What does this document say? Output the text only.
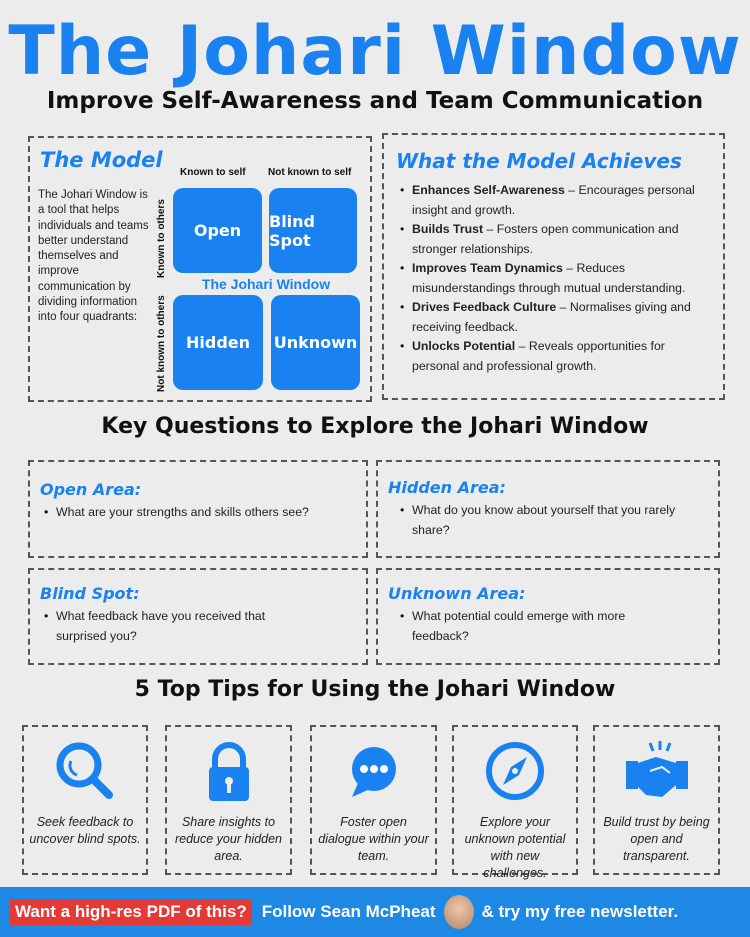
The Johari Window
Improve Self-Awareness and Team Communication
The Model
The Johari Window is a tool that helps individuals and teams better understand themselves and improve communication by dividing information into four quadrants:
Known to self Not known to self
Known to others
Not known to others
Open	Blind Spot
The Johari Window
Hidden	Unknown
What the Model Achieves
• Enhances Self-Awareness – Encourages personal insight and growth.
• Builds Trust – Fosters open communication and stronger relationships.
• Improves Team Dynamics – Reduces misunderstandings through mutual understanding.
• Drives Feedback Culture – Normalises giving and receiving feedback.
• Unlocks Potential – Reveals opportunities for personal and professional growth.
Key Questions to Explore the Johari Window
Open Area:
• What are your strengths and skills others see?
Hidden Area:
• What do you know about yourself that you rarely share?
Blind Spot:
• What feedback have you received that surprised you?
Unknown Area:
• What potential could emerge with more feedback?
5 Top Tips for Using the Johari Window
Seek feedback to uncover blind spots.
Share insights to reduce your hidden area.
Foster open dialogue within your team.
Explore your unknown potential with new challenges.
Build trust by being open and transparent.
Want a high-res PDF of this? Follow Sean McPheat	& try my free newsletter.
